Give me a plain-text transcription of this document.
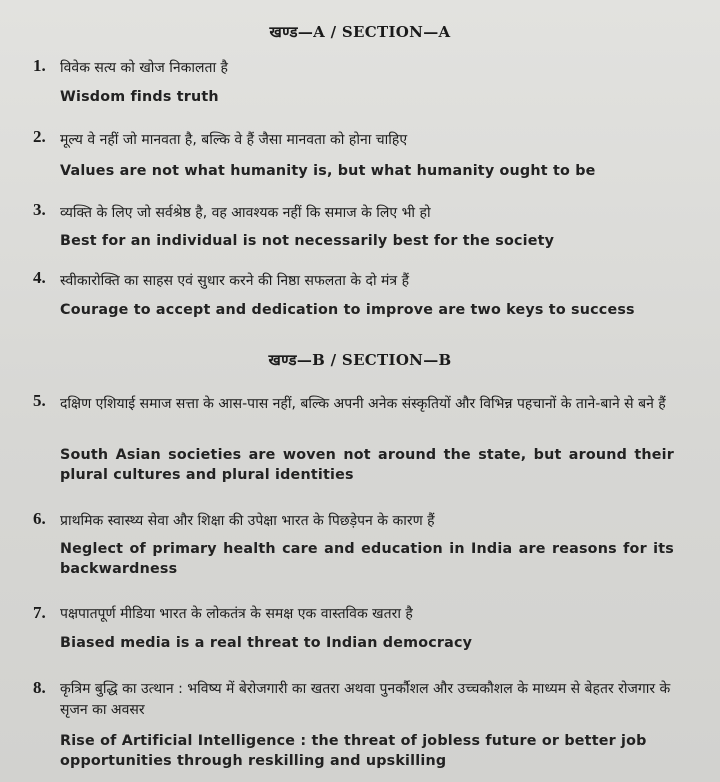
खण्ड—A / SECTION—A
1. विवेक सत्य को खोज निकालता है
Wisdom finds truth
2. मूल्य वे नहीं जो मानवता है, बल्कि वे हैं जैसा मानवता को होना चाहिए
Values are not what humanity is, but what humanity ought to be
3. व्यक्ति के लिए जो सर्वश्रेष्ठ है, वह आवश्यक नहीं कि समाज के लिए भी हो
Best for an individual is not necessarily best for the society
4. स्वीकारोक्ति का साहस एवं सुधार करने की निष्ठा सफलता के दो मंत्र हैं
Courage to accept and dedication to improve are two keys to success
खण्ड—B / SECTION—B
5. दक्षिण एशियाई समाज सत्ता के आस-पास नहीं, बल्कि अपनी अनेक संस्कृतियों और विभिन्न पहचानों के ताने-बाने से बने हैं
South Asian societies are woven not around the state, but around their plural cultures and plural identities
6. प्राथमिक स्वास्थ्य सेवा और शिक्षा की उपेक्षा भारत के पिछड़ेपन के कारण हैं
Neglect of primary health care and education in India are reasons for its backwardness
7. पक्षपातपूर्ण मीडिया भारत के लोकतंत्र के समक्ष एक वास्तविक खतरा है
Biased media is a real threat to Indian democracy
8. कृत्रिम बुद्धि का उत्थान : भविष्य में बेरोजगारी का खतरा अथवा पुनर्कौशल और उच्चकौशल के माध्यम से बेहतर रोजगार के सृजन का अवसर
Rise of Artificial Intelligence : the threat of jobless future or better job opportunities through reskilling and upskilling
